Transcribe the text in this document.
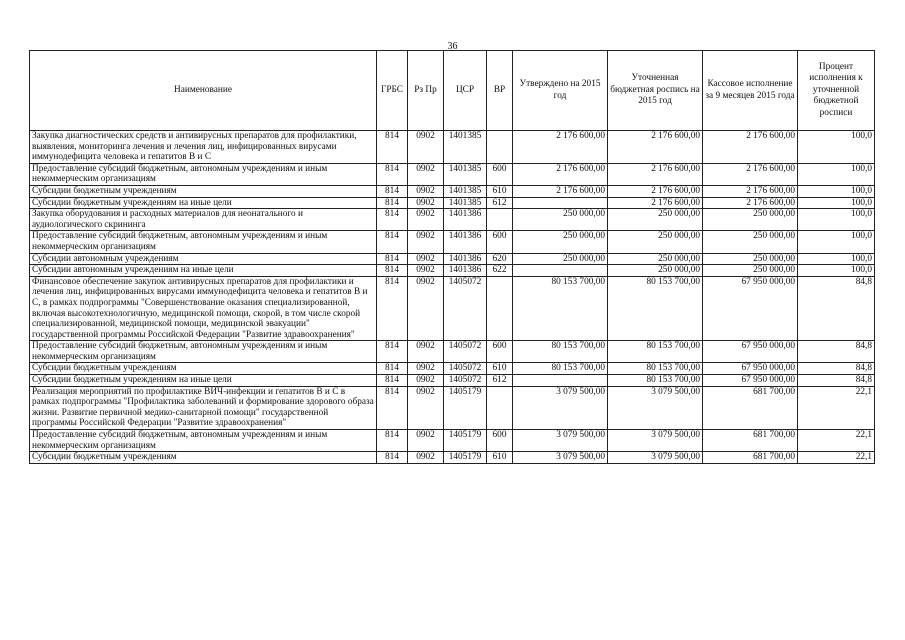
36
Наименование	ГРБС	Рз Пр	ЦСР	ВР	Утверждено на 2015 год	Уточненная бюджетная роспись на 2015 год	Кассовое исполнение за 9 месяцев 2015 года	Процент исполнения к уточненной бюджетной росписи
Закупка диагностических средств и антивирусных препаратов для профилактики, выявления, мониторинга лечения и лечения лиц, инфицированных вирусами иммунодефицита человека и гепатитов В и С	814	0902	1401385		2 176 600,00	2 176 600,00	2 176 600,00	100,0
Предоставление субсидий бюджетным, автономным учреждениям и иным некоммерческим организациям	814	0902	1401385	600	2 176 600,00	2 176 600,00	2 176 600,00	100,0
Субсидии бюджетным учреждениям	814	0902	1401385	610	2 176 600,00	2 176 600,00	2 176 600,00	100,0
Субсидии бюджетным учреждениям на иные цели	814	0902	1401385	612		2 176 600,00	2 176 600,00	100,0
Закупка оборудования и расходных материалов для неонатального и аудиологического скрининга	814	0902	1401386		250 000,00	250 000,00	250 000,00	100,0
Предоставление субсидий бюджетным, автономным учреждениям и иным некоммерческим организациям	814	0902	1401386	600	250 000,00	250 000,00	250 000,00	100,0
Субсидии автономным учреждениям	814	0902	1401386	620	250 000,00	250 000,00	250 000,00	100,0
Субсидии автономным учреждениям на иные цели	814	0902	1401386	622		250 000,00	250 000,00	100,0
Финансовое обеспечение закупок антивирусных препаратов для профилактики и лечения лиц, инфицированных вирусами иммунодефицита человека и гепатитов В и С, в рамках подпрограммы "Совершенствование оказания специализированной, включая высокотехнологичную, медицинской помощи, скорой, в том числе скорой специализированной, медицинской помощи, медицинской эвакуации" государственной программы Российской Федерации "Развитие здравоохранения"	814	0902	1405072		80 153 700,00	80 153 700,00	67 950 000,00	84,8
Предоставление субсидий бюджетным, автономным учреждениям и иным некоммерческим организациям	814	0902	1405072	600	80 153 700,00	80 153 700,00	67 950 000,00	84,8
Субсидии бюджетным учреждениям	814	0902	1405072	610	80 153 700,00	80 153 700,00	67 950 000,00	84,8
Субсидии бюджетным учреждениям на иные цели	814	0902	1405072	612		80 153 700,00	67 950 000,00	84,8
Реализация мероприятий по профилактике ВИЧ-инфекции и гепатитов В и С в рамках подпрограммы "Профилактика заболеваний и формирование здорового образа жизни. Развитие первичной медико-санитарной помощи" государственной программы Российской Федерации "Развитие здравоохранения"	814	0902	1405179		3 079 500,00	3 079 500,00	681 700,00	22,1
Предоставление субсидий бюджетным, автономным учреждениям и иным некоммерческим организациям	814	0902	1405179	600	3 079 500,00	3 079 500,00	681 700,00	22,1
Субсидии бюджетным учреждениям	814	0902	1405179	610	3 079 500,00	3 079 500,00	681 700,00	22,1
